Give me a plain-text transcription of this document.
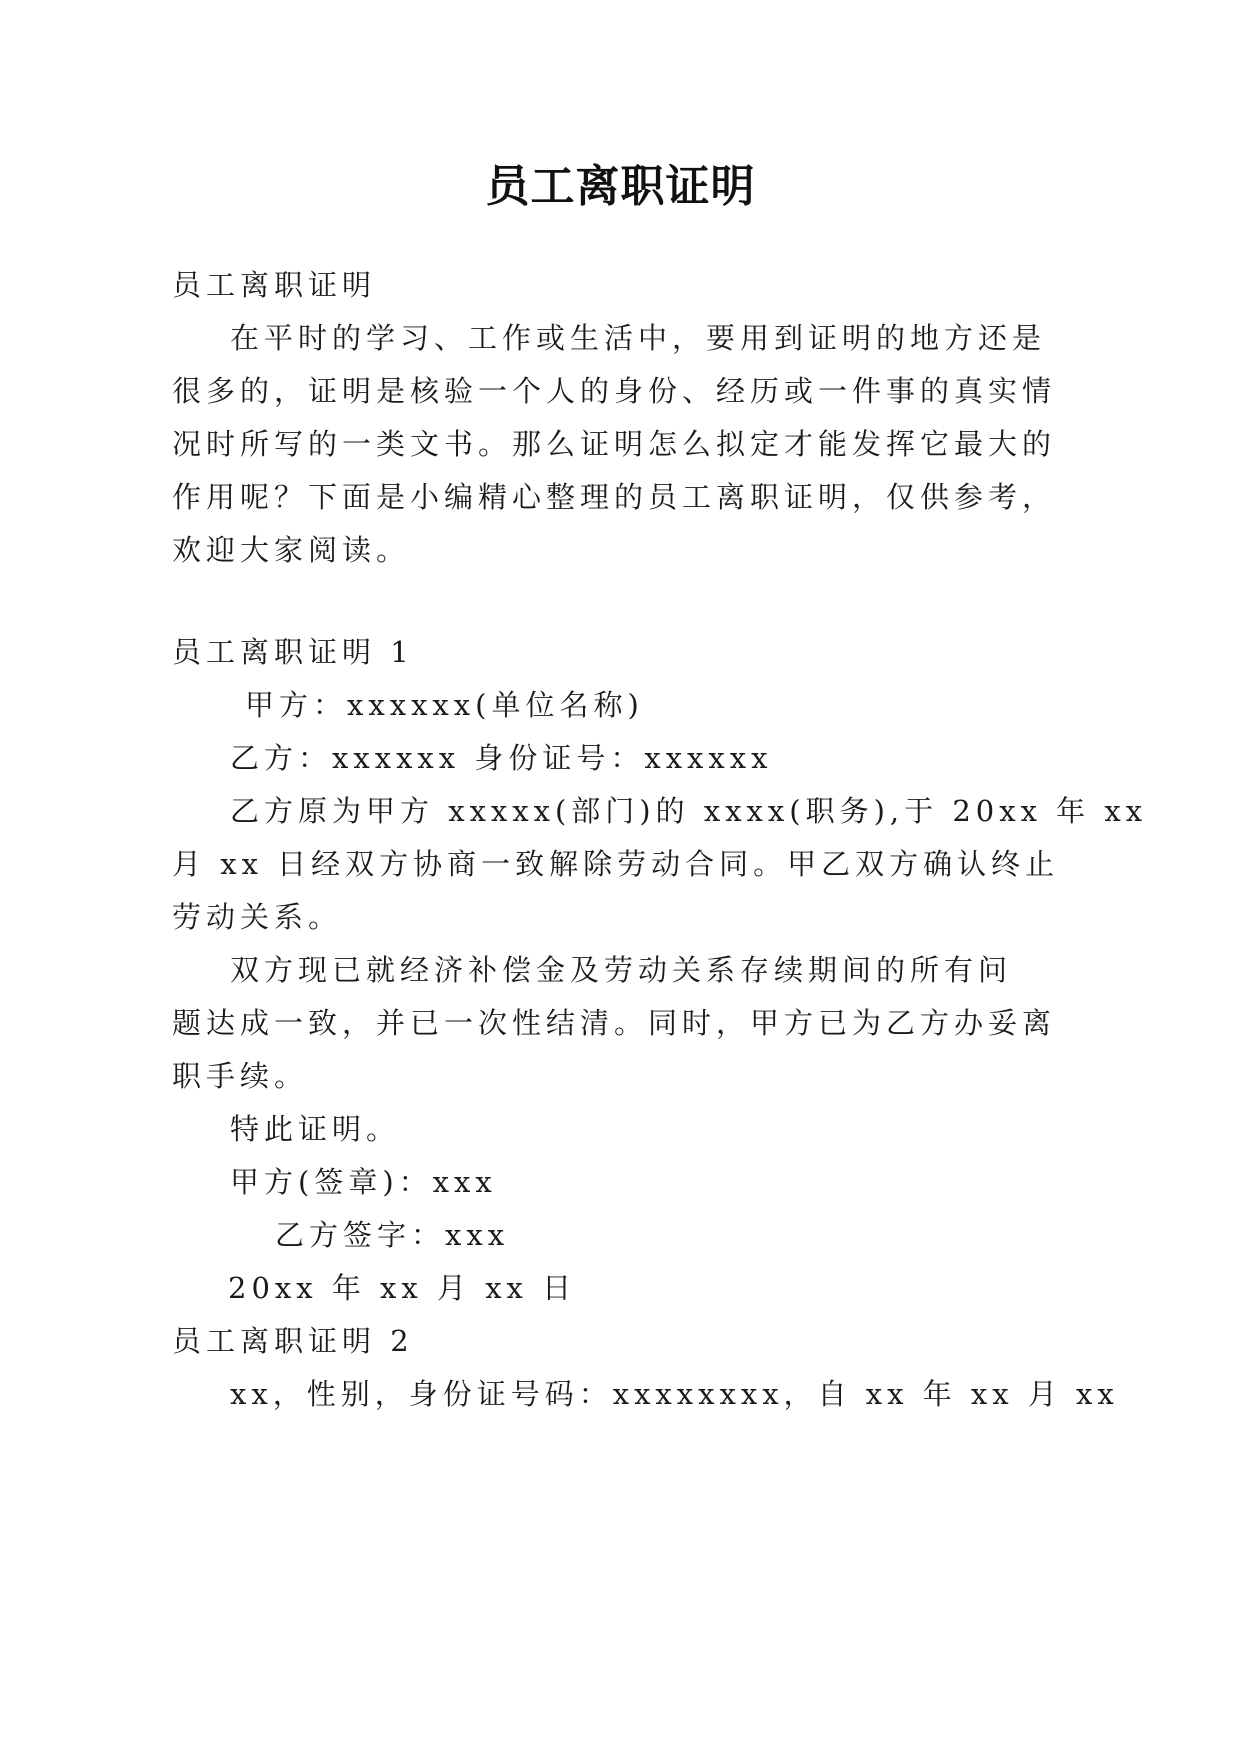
员工离职证明
员工离职证明
在平时的学习、工作或生活中，要用到证明的地方还是
很多的，证明是核验一个人的身份、经历或一件事的真实情
况时所写的一类文书。那么证明怎么拟定才能发挥它最大的
作用呢？下面是小编精心整理的员工离职证明，仅供参考，
欢迎大家阅读。
员工离职证明 1
甲方：xxxxxx(单位名称)
乙方：xxxxxx 身份证号：xxxxxx
乙方原为甲方 xxxxx(部门)的 xxxx(职务),于 20xx 年 xx
月 xx 日经双方协商一致解除劳动合同。甲乙双方确认终止
劳动关系。
双方现已就经济补偿金及劳动关系存续期间的所有问
题达成一致，并已一次性结清。同时，甲方已为乙方办妥离
职手续。
特此证明。
甲方(签章)：xxx
乙方签字：xxx
20xx 年 xx 月 xx 日
员工离职证明 2
xx，性别，身份证号码：xxxxxxxx，自 xx 年 xx 月 xx
